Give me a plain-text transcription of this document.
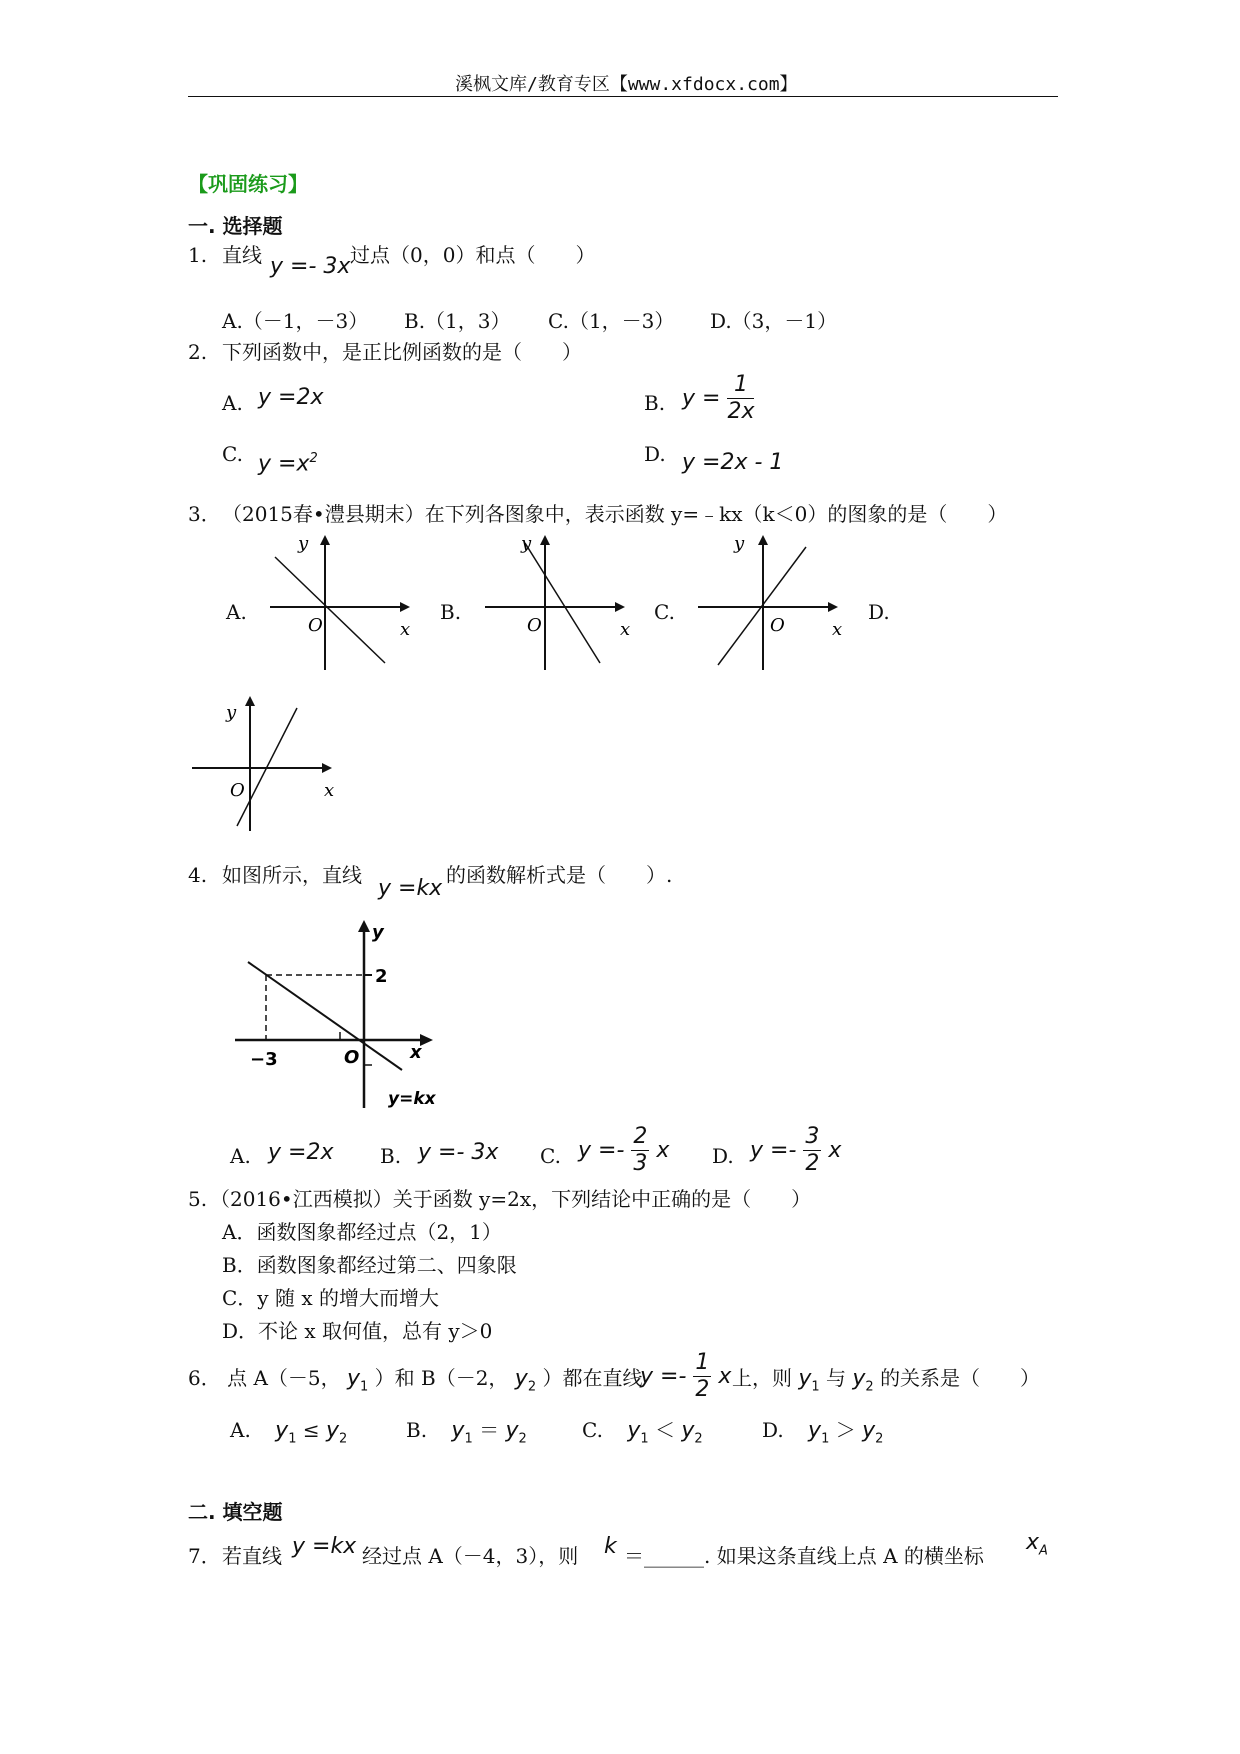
溪枫文库/教育专区【www.xfdocx.com】
【巩固练习】
一. 选择题
1. 直线 y =- 3x 过点（0，0）和点（　　）
A.（－1，－3） B.（1，3） C.（1，－3） D.（3，－1）
2. 下列函数中，是正比例函数的是（　　）
A. y =2x	B. $y = \frac{1}{2x}$
C. $y =x^2$	D. y =2x - 1
3． （2015春•澧县期末）在下列各图象中，表示函数 y=﹣kx（k＜0）的图象的是（　　）
A.	B.	C.	D.
y
O	x
y
O	x
y
O	x
y
O	x
4. 如图所示，直线
y =kx
的函数解析式是（　　）.
y
2
−3	O	x
y=kx
A. y =2x B. y =- 3x C. $y =- \frac{2}{3}$ x D. $y =- \frac{3}{2}$ x
5. （2016•江西模拟）关于函数 y=2x，下列结论中正确的是（　　）
A．函数图象都经过点（2，1）
B．函数图象都经过第二、四象限
C．y 随 x 的增大而增大
D．不论 x 取何值，总有 y＞0
6． 点 A（－5， $y_1$ ）和 B（－2， $y_2$ ）都在直线
$y =- \frac{1}{2}$ x 上，则 $y_1$ 与 $y_2$ 的关系是（　　）
A. $y_1 \le y_2$	B. $y_1 = y_2$	C. $y_1 < y_2$	D. $y_1 > y_2$
二. 填空题
7． 若直线 y =kx 经过点 A（－4，3），则 k ＝______. 如果这条直线上点 A 的横坐标
$x_A$
